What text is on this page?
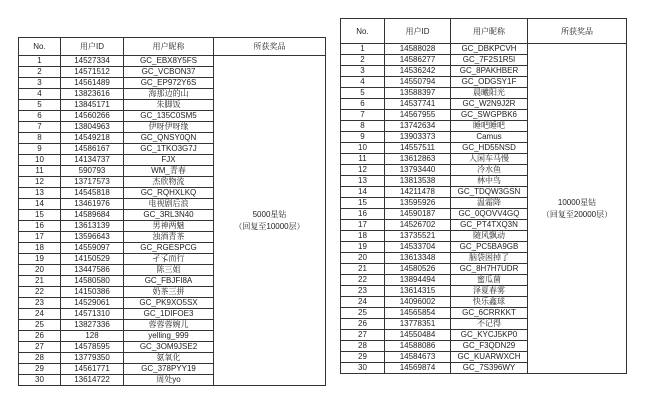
No.	用户ID	用户昵称	所获奖品
1	14527334	GC_EBX8Y5FS	5000星钻
（回复至10000层）

2	14571512	GC_VCBON37	
3	14561489	GC_EP972Y6S	
4	13823616	海那边的山	
5	13845171	朱脚饭	
6	14560266	GC_135C0SM5	
7	13804963	伊呀伊呀缘	
8	14549218	GC_QNSY0QN	
9	14586167	GC_1TKO3G7J	
10	14134737	FJX	
11	590793	WM_青春	
12	13717573	杰欣物流	
13	14545818	GC_RQHXLKQ	
14	13461976	电视剧后浪	
15	14589684	GC_3RL3N40	
16	13613139	男神两魅	
17	13596643	浊酒青茶	
18	14559097	GC_RGESPCG	
19	14150529	孑孓而行	
20	13447586	陈三姐	
21	14580580	GC_FBJFI8A	
22	14150386	奶茶三拼	
23	14529061	GC_PK9XO5SX	
24	14571310	GC_1DIFOE3	
25	13827336	蓉蓉蓉婉儿	
26	128	yelling_999	
27	14578595	GC_3OM9JSE2	
28	13779350	氨氧化	
29	14561771	GC_378PYY19	
30	13614722	周处yo	
No.	用户ID	用户昵称	所获奖品
1	14588028	GC_DBKPCVH	10000星钻
（回复至20000层）

2	14586277	GC_7F2S1R5I	
3	14536242	GC_8PAKHBER	
4	14550794	GC_ODGSY1F	
5	13588397	晨曦阳光	
6	14537741	GC_W2N9J2R	
7	14567955	GC_SWGPBK6	
8	13742634	睡吧睡吧	
9	13903373	Camus	
10	14557511	GC_HD55NSD	
11	13612863	人闲车马慢	
12	13793440	冷水鱼	
13	13813538	林中鸟	
14	14211478	GC_TDQW3GSN	
15	13595926	温霜降	
16	14590187	GC_0QOVV4GQ	
17	14526702	GC_PT4TXQ3N	
18	13735521	随风飘动	
19	14533704	GC_PC5BA9GB	
20	13613348	脑袋困掉了	
21	14580526	GC_8H7H7UDR	
22	13894494	蜜瓜菌	
23	13614315	泽夏春雾	
24	14096002	快乐鑫球	
25	14565854	GC_6CRRKKT	
26	13778351	不记得	
27	14550484	GC_KYCJ5KP0	
28	14588086	GC_F3QDN29	
29	14584673	GC_KUARWXCH	
30	14569874	GC_7S396WY	
